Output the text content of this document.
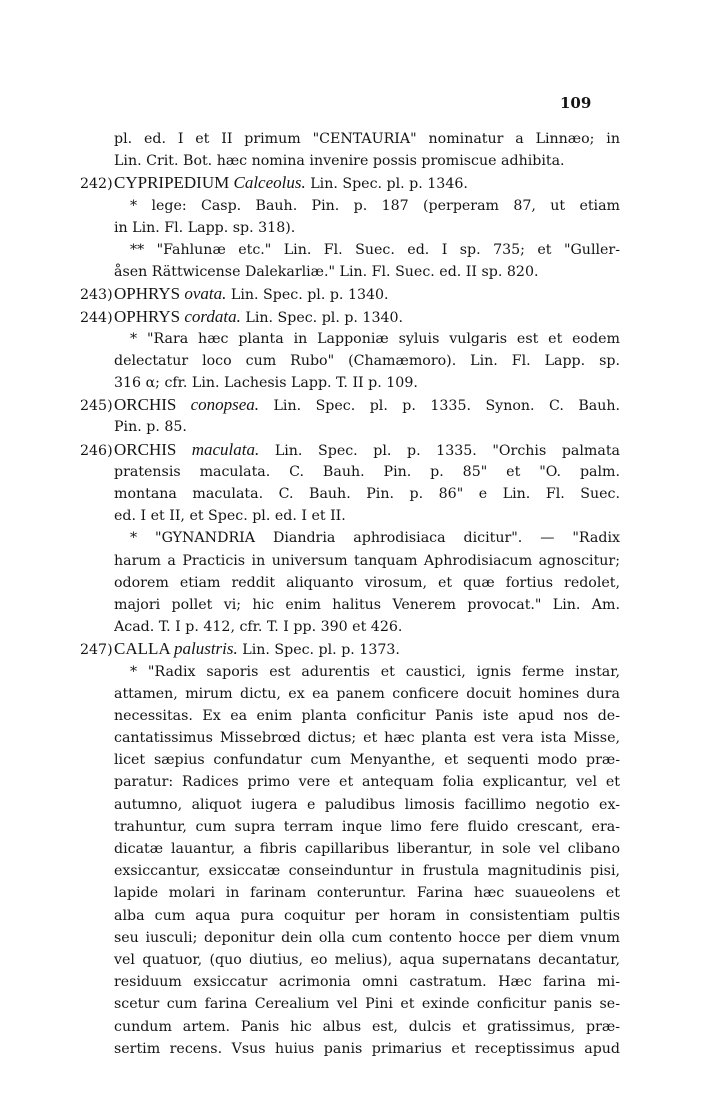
109
pl. ed. I et II primum "CENTAURIA" nominatur a Linnæo; in
Lin. Crit. Bot. hæc nomina invenire possis promiscue adhibita.
242)CYPRIPEDIUM Calceolus. Lin. Spec. pl. p. 1346.
* lege: Casp. Bauh. Pin. p. 187 (perperam 87, ut etiam
in Lin. Fl. Lapp. sp. 318).
** "Fahlunæ etc." Lin. Fl. Suec. ed. I sp. 735; et "Guller-
åsen Rättwicense Dalekarliæ." Lin. Fl. Suec. ed. II sp. 820.
243)OPHRYS ovata. Lin. Spec. pl. p. 1340.
244)OPHRYS cordata. Lin. Spec. pl. p. 1340.
* "Rara hæc planta in Lapponiæ syluis vulgaris est et eodem
delectatur loco cum Rubo" (Chamæmoro). Lin. Fl. Lapp. sp.
316 α; cfr. Lin. Lachesis Lapp. T. II p. 109.
245)ORCHIS conopsea. Lin. Spec. pl. p. 1335. Synon. C. Bauh.
Pin. p. 85.
246)ORCHIS maculata. Lin. Spec. pl. p. 1335. "Orchis palmata
pratensis maculata. C. Bauh. Pin. p. 85" et "O. palm.
montana maculata. C. Bauh. Pin. p. 86" e Lin. Fl. Suec.
ed. I et II, et Spec. pl. ed. I et II.
* "GYNANDRIA Diandria aphrodisiaca dicitur". — "Radix
harum a Practicis in universum tanquam Aphrodisiacum agnoscitur;
odorem etiam reddit aliquanto virosum, et quæ fortius redolet,
majori pollet vi; hic enim halitus Venerem provocat." Lin. Am.
Acad. T. I p. 412, cfr. T. I pp. 390 et 426.
247)CALLA palustris. Lin. Spec. pl. p. 1373.
* "Radix saporis est adurentis et caustici, ignis ferme instar,
attamen, mirum dictu, ex ea panem conficere docuit homines dura
necessitas. Ex ea enim planta conficitur Panis iste apud nos de-
cantatissimus Missebrœd dictus; et hæc planta est vera ista Misse,
licet sæpius confundatur cum Menyanthe, et sequenti modo præ-
paratur: Radices primo vere et antequam folia explicantur, vel et
autumno, aliquot iugera e paludibus limosis facillimo negotio ex-
trahuntur, cum supra terram inque limo fere fluido crescant, era-
dicatæ lauantur, a fibris capillaribus liberantur, in sole vel clibano
exsiccantur, exsiccatæ conseinduntur in frustula magnitudinis pisi,
lapide molari in farinam conteruntur. Farina hæc suaueolens et
alba cum aqua pura coquitur per horam in consistentiam pultis
seu iusculi; deponitur dein olla cum contento hocce per diem vnum
vel quatuor, (quo diutius, eo melius), aqua supernatans decantatur,
residuum exsiccatur acrimonia omni castratum. Hæc farina mi-
scetur cum farina Cerealium vel Pini et exinde conficitur panis se-
cundum artem. Panis hic albus est, dulcis et gratissimus, præ-
sertim recens. Vsus huius panis primarius et receptissimus apud
